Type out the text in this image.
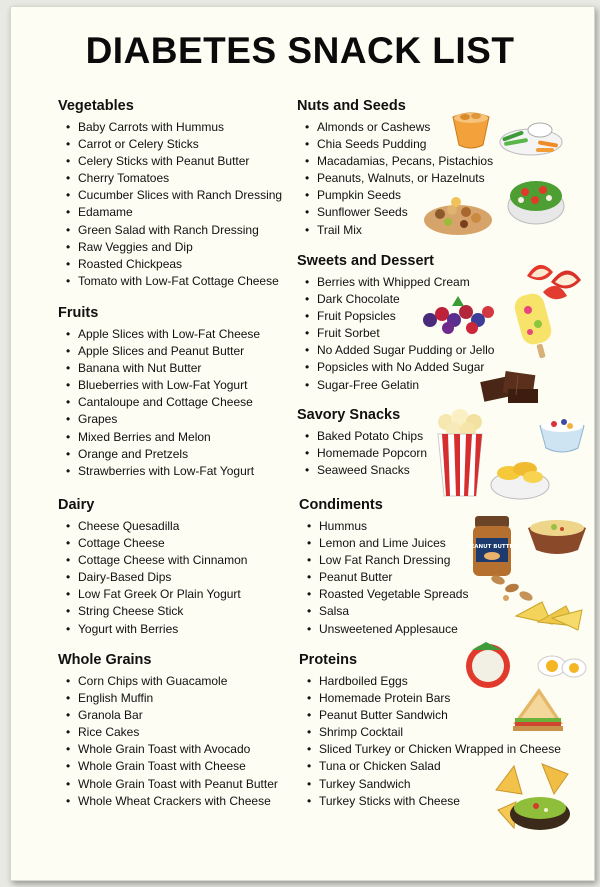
DIABETES SNACK LIST
Vegetables
• Baby Carrots with Hummus
• Carrot or Celery Sticks
• Celery Sticks with Peanut Butter
• Cherry Tomatoes
• Cucumber Slices with Ranch Dressing
• Edamame
• Green Salad with Ranch Dressing
• Raw Veggies and Dip
• Roasted Chickpeas
• Tomato with Low-Fat Cottage Cheese
Fruits
• Apple Slices with Low-Fat Cheese
• Apple Slices and Peanut Butter
• Banana with Nut Butter
• Blueberries with Low-Fat Yogurt
• Cantaloupe and Cottage Cheese
• Grapes
• Mixed Berries and Melon
• Orange and Pretzels
• Strawberries with Low-Fat Yogurt
Dairy
• Cheese Quesadilla
• Cottage Cheese
• Cottage Cheese with Cinnamon
• Dairy-Based Dips
• Low Fat Greek Or Plain Yogurt
• String Cheese Stick
• Yogurt with Berries
Whole Grains
• Corn Chips with Guacamole
• English Muffin
• Granola Bar
• Rice Cakes
• Whole Grain Toast with Avocado
• Whole Grain Toast with Cheese
• Whole Grain Toast with Peanut Butter
• Whole Wheat Crackers with Cheese
Nuts and Seeds
• Almonds or Cashews
• Chia Seeds Pudding
• Macadamias, Pecans, Pistachios
• Peanuts, Walnuts, or Hazelnuts
• Pumpkin Seeds
• Sunflower Seeds
• Trail Mix
Sweets and Dessert
• Berries with Whipped Cream
• Dark Chocolate
• Fruit Popsicles
• Fruit Sorbet
• No Added Sugar Pudding or Jello
• Popsicles with No Added Sugar
• Sugar-Free Gelatin
Savory Snacks
• Baked Potato Chips
• Homemade Popcorn
• Seaweed Snacks
Condiments
• Hummus
• Lemon and Lime Juices
• Low Fat Ranch Dressing
• Peanut Butter
• Roasted Vegetable Spreads
• Salsa
• Unsweetened Applesauce
Proteins
• Hardboiled Eggs
• Homemade Protein Bars
• Peanut Butter Sandwich
• Shrimp Cocktail
• Sliced Turkey or Chicken Wrapped in Cheese
• Tuna or Chicken Salad
• Turkey Sandwich
• Turkey Sticks with Cheese
PEANUT BUTTER
